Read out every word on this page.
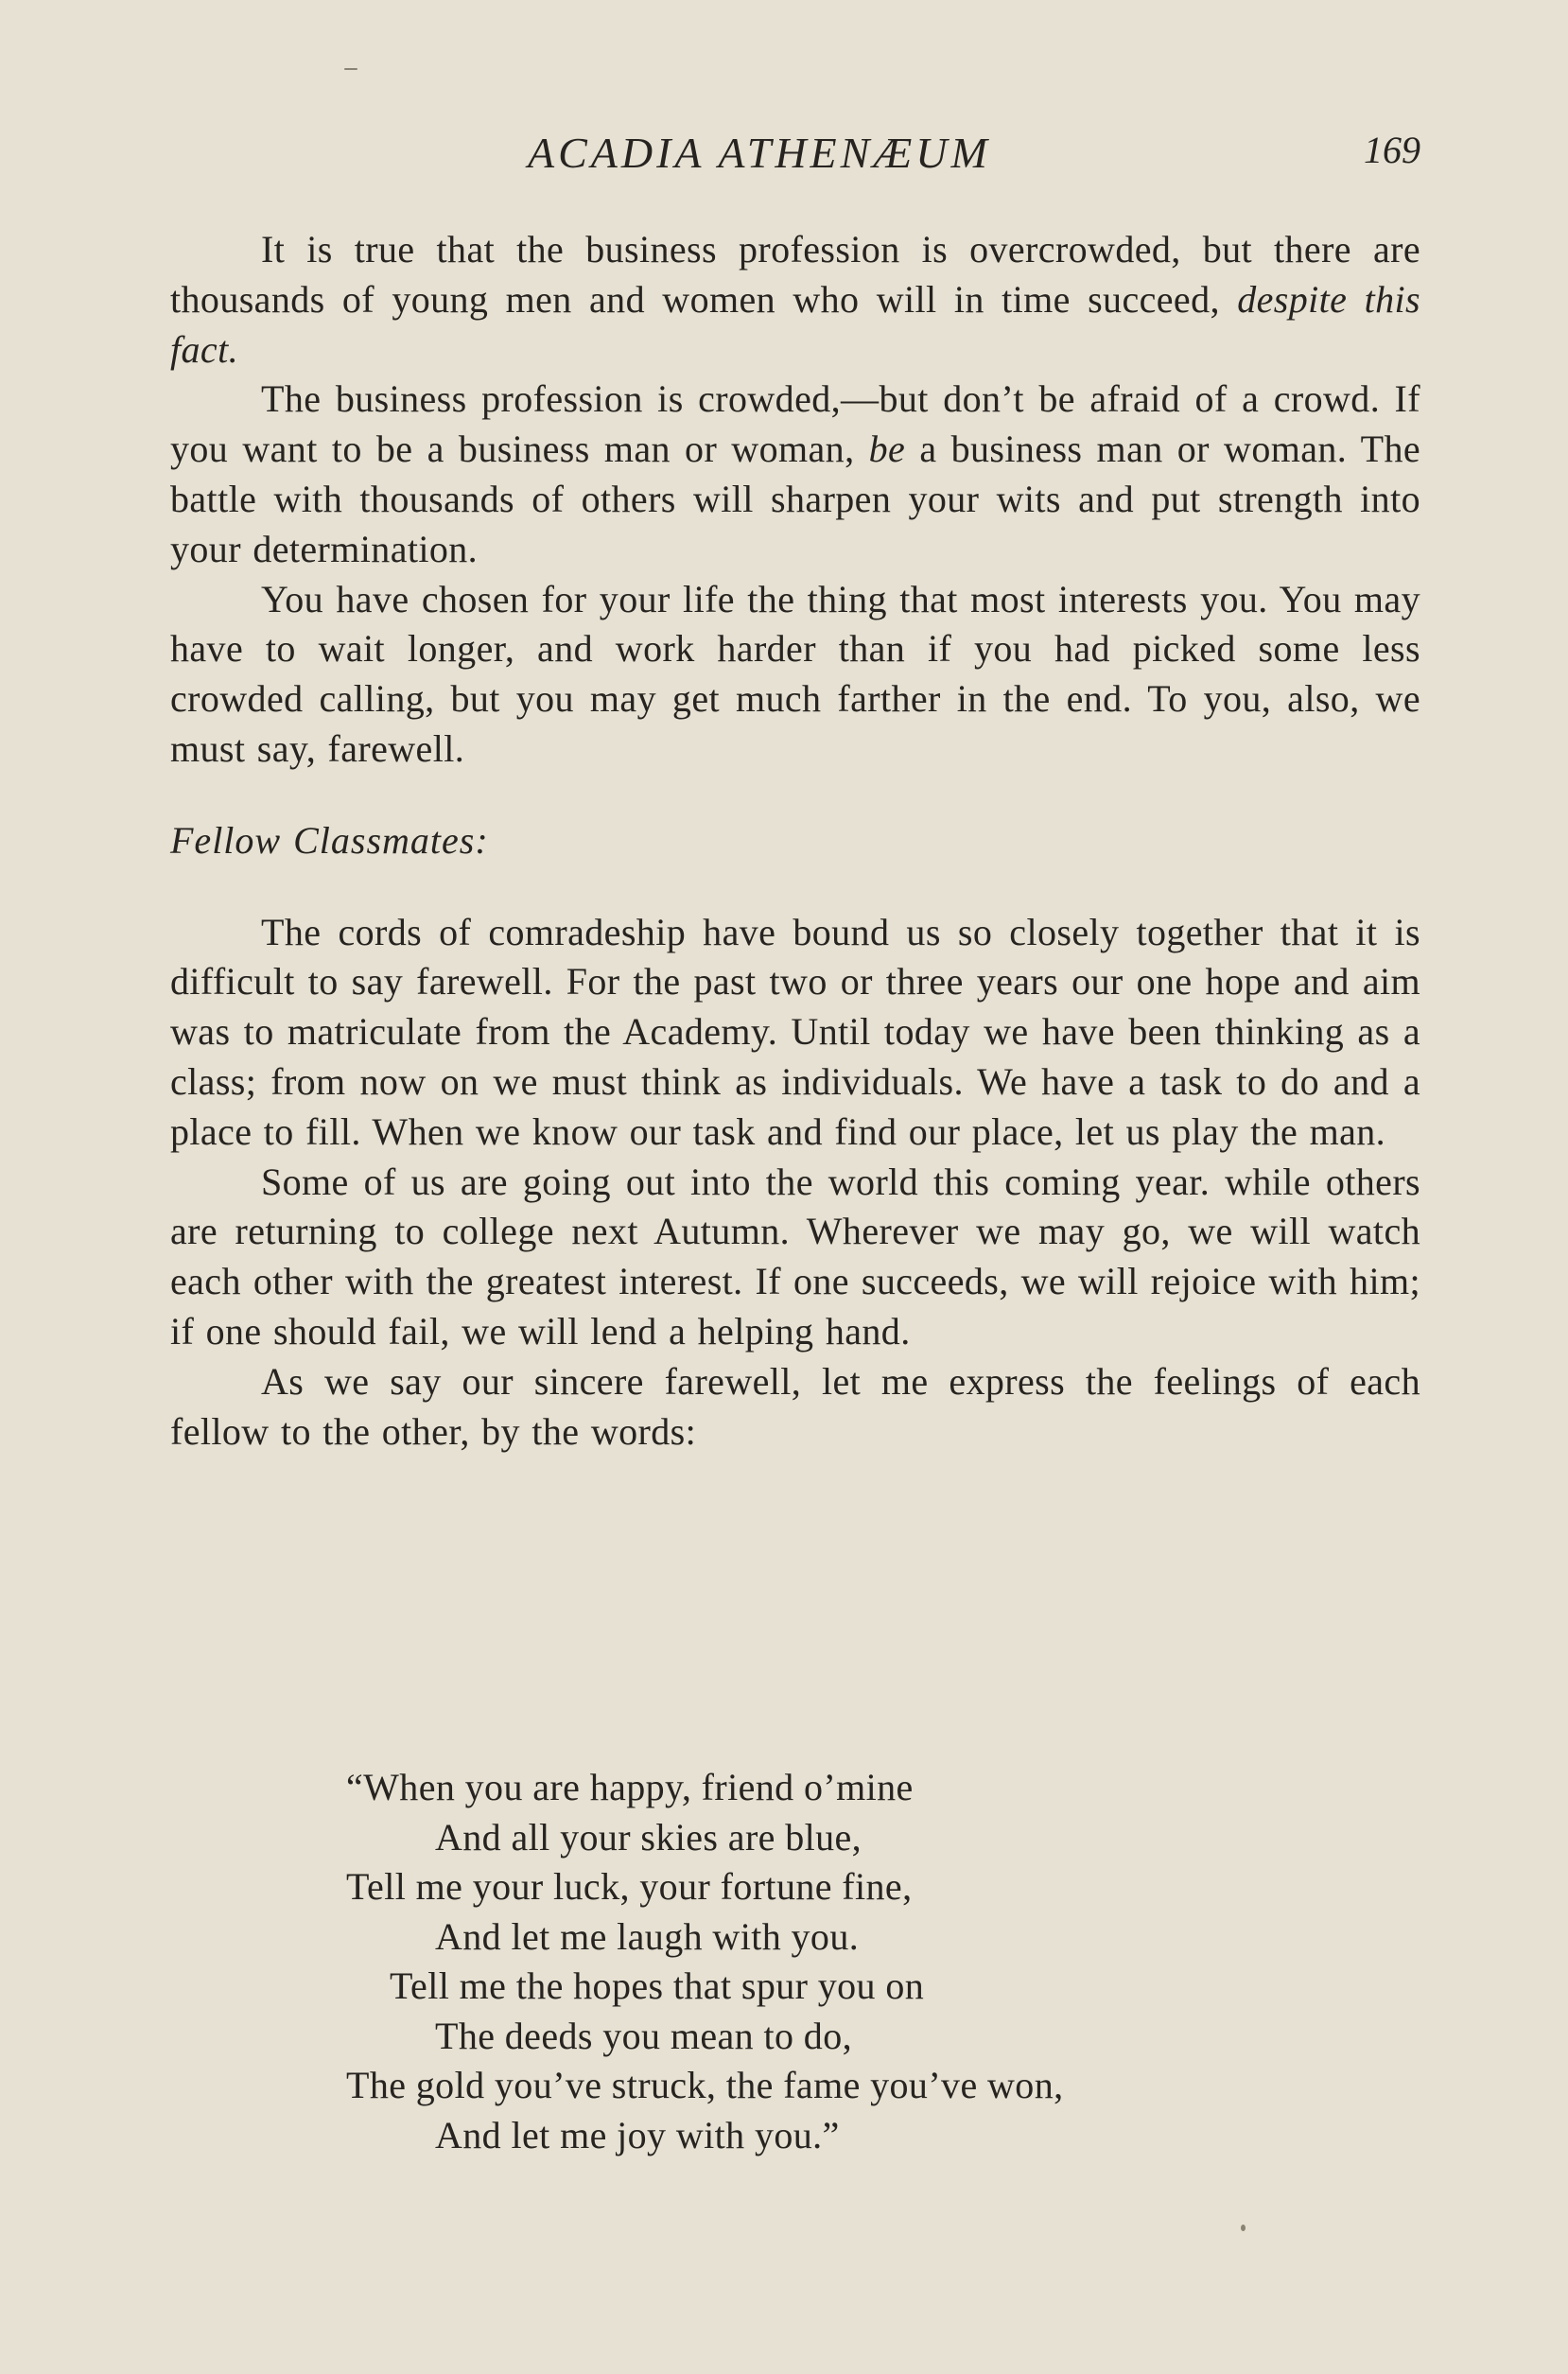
ACADIA ATHENÆUM	169

It is true that the business profession is overcrowded, but there are thousands of young men and women who will in time succeed, despite this fact.

The business profession is crowded,—but don’t be afraid of a crowd. If you want to be a business man or woman, be a business man or woman. The battle with thousands of others will sharpen your wits and put strength into your determination.

You have chosen for your life the thing that most interests you. You may have to wait longer, and work harder than if you had picked some less crowded calling, but you may get much farther in the end. To you, also, we must say, farewell.

Fellow Classmates:

The cords of comradeship have bound us so closely together that it is difficult to say farewell. For the past two or three years our one hope and aim was to matriculate from the Academy. Until today we have been thinking as a class; from now on we must think as individuals. We have a task to do and a place to fill. When we know our task and find our place, let us play the man.

Some of us are going out into the world this coming year. while others are returning to college next Autumn. Wherever we may go, we will watch each other with the greatest interest. If one succeeds, we will rejoice with him; if one should fail, we will lend a helping hand.

As we say our sincere farewell, let me express the feelings of each fellow to the other, by the words:

“When you are happy, friend o’mine
And all your skies are blue,
Tell me your luck, your fortune fine,
And let me laugh with you.
Tell me the hopes that spur you on
The deeds you mean to do,
The gold you’ve struck, the fame you’ve won,
And let me joy with you.”
